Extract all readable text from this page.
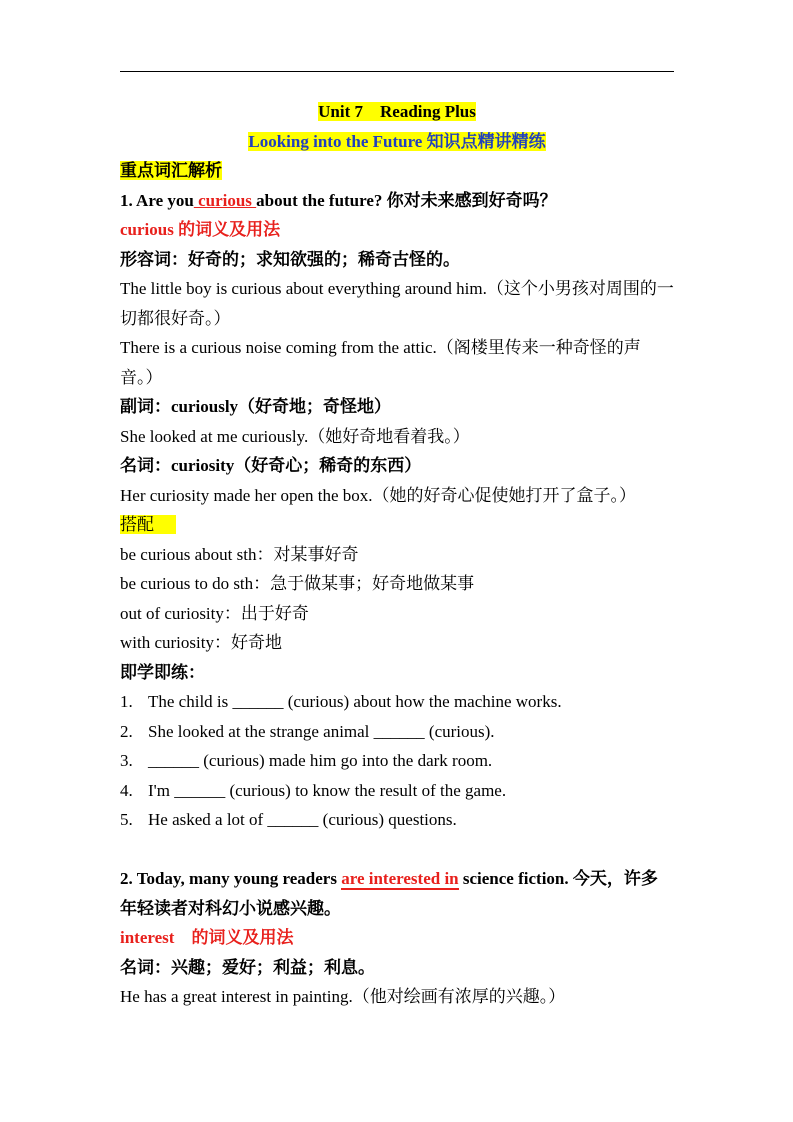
Unit 7　Reading Plus
Looking into the Future 知识点精讲精练
重点词汇解析
1. Are you curious about the future? 你对未来感到好奇吗？
curious 的词义及用法
形容词：好奇的；求知欲强的；稀奇古怪的。
The little boy is curious about everything around him.（这个小男孩对周围的一切都很好奇。）
There is a curious noise coming from the attic.（阁楼里传来一种奇怪的声音。）
副词：curiously（好奇地；奇怪地）
She looked at me curiously.（她好奇地看着我。）
名词：curiosity（好奇心；稀奇的东西）
Her curiosity made her open the box.（她的好奇心促使她打开了盒子。）
搭配
be curious about sth：对某事好奇
be curious to do sth：急于做某事；好奇地做某事
out of curiosity：出于好奇
with curiosity：好奇地
即学即练：
1. The child is ______ (curious) about how the machine works.
2. She looked at the strange animal ______ (curious).
3. ______ (curious) made him go into the dark room.
4. I'm ______ (curious) to know the result of the game.
5. He asked a lot of ______ (curious) questions.
2. Today, many young readers are interested in science fiction. 今天，许多年轻读者对科幻小说感兴趣。
interest　的词义及用法
名词：兴趣；爱好；利益；利息。
He has a great interest in painting.（他对绘画有浓厚的兴趣。）
